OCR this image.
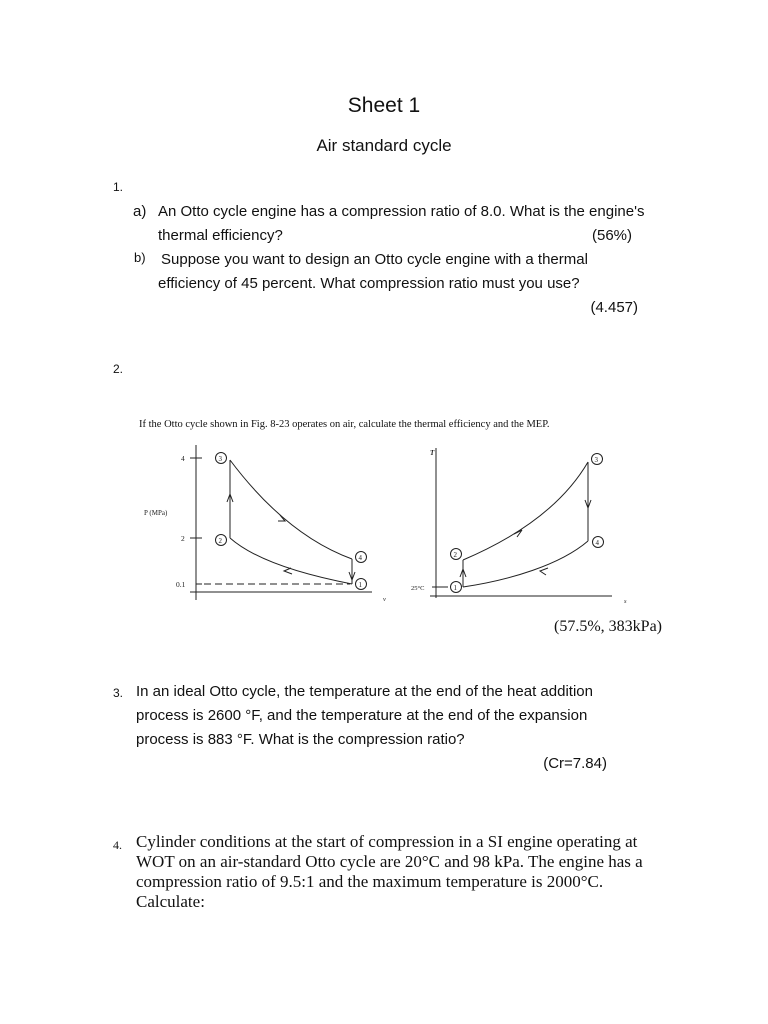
Sheet 1
Air standard cycle
1.
a) An Otto cycle engine has a compression ratio of 8.0. What is the engine's
thermal efficiency?	(56%)
b) Suppose you want to design an Otto cycle engine with a thermal
efficiency of 45 percent. What compression ratio must you use?
(4.457)
2.
If the Otto cycle shown in Fig. 8-23 operates on air, calculate the thermal efficiency and the MEP.
4
2
0.1
P (MPa)
v
3
2
4
1
T
s
25°C
3
2
4
1
(57.5%, 383kPa)
3. In an ideal Otto cycle, the temperature at the end of the heat addition
process is 2600 °F, and the temperature at the end of the expansion
process is 883 °F. What is the compression ratio?
(Cr=7.84)
4. Cylinder conditions at the start of compression in a SI engine operating at
WOT on an air-standard Otto cycle are 20°C and 98 kPa. The engine has a
compression ratio of 9.5:1 and the maximum temperature is 2000°C.
Calculate:
